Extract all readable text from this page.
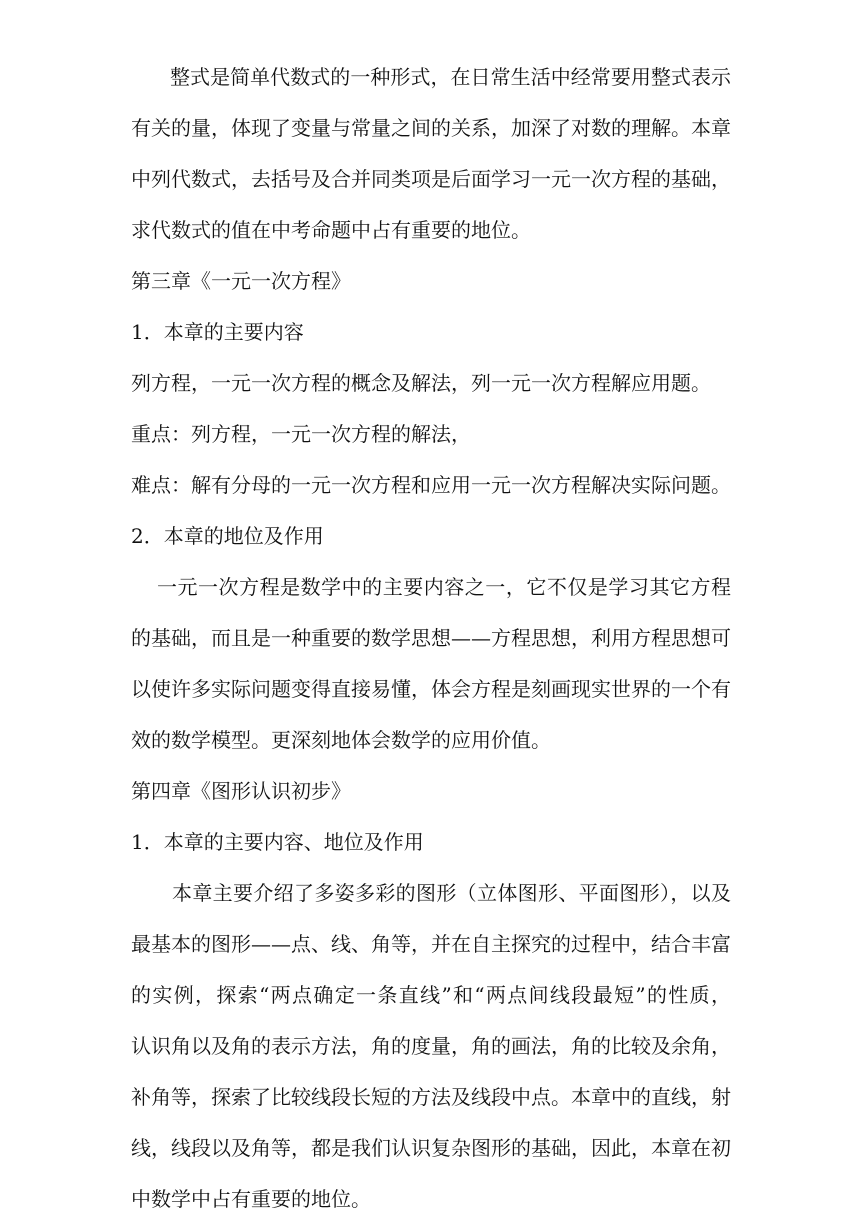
整式是简单代数式的一种形式，在日常生活中经常要用整式表示
有关的量，体现了变量与常量之间的关系，加深了对数的理解。本章
中列代数式，去括号及合并同类项是后面学习一元一次方程的基础，
求代数式的值在中考命题中占有重要的地位。
第三章《一元一次方程》
1．本章的主要内容
列方程，一元一次方程的概念及解法，列一元一次方程解应用题。
重点：列方程，一元一次方程的解法，
难点：解有分母的一元一次方程和应用一元一次方程解决实际问题。
2．本章的地位及作用
一元一次方程是数学中的主要内容之一，它不仅是学习其它方程
的基础，而且是一种重要的数学思想——方程思想，利用方程思想可
以使许多实际问题变得直接易懂，体会方程是刻画现实世界的一个有
效的数学模型。更深刻地体会数学的应用价值。
第四章《图形认识初步》
1．本章的主要内容、地位及作用
本章主要介绍了多姿多彩的图形（立体图形、平面图形），以及
最基本的图形——点、线、角等，并在自主探究的过程中，结合丰富
的实例，探索“两点确定一条直线”和“两点间线段最短”的性质，
认识角以及角的表示方法，角的度量，角的画法，角的比较及余角，
补角等，探索了比较线段长短的方法及线段中点。本章中的直线，射
线，线段以及角等，都是我们认识复杂图形的基础，因此，本章在初
中数学中占有重要的地位。
